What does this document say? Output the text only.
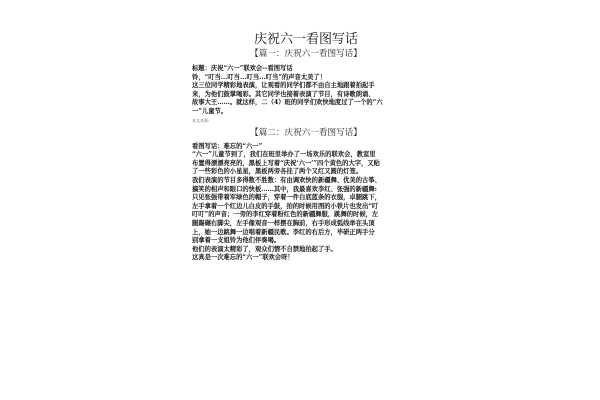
庆祝六一看图写话
【篇一：庆祝六一看图写话】

标题：庆祝“六一”联欢会--看图写话

铃，“叮当...叮当...叮当...叮当”的声音太美了！

这三位同学精彩地表演，让观看的同学们都不由自主地跟着拍起手

来，为他们鼓掌喝彩。其它同学也接着表演了节目，有诗歌朗诵、

故事大王……。就这样，二（4）班的同学们欢快地度过了一个的“六

一”儿童节。

本文来源:
【篇二：庆祝六一看图写话】

看图写话：难忘的“六一”

“六一”儿童节到了，我们在班里举办了一场欢乐的联欢会，教室里

布置得漂漂亮亮的，黑板上写着“庆祝‘六一’”四个黄色的大字，又贴

了一些彩色的小星星，黑板两旁各挂了两个又红又圆的灯笼。

我们表演的节目多得数不胜数：有由调欢快的新疆舞、优美的古筝、

搞笑的相声和眼口的快板……其中，我最喜欢李红、张强的新疆舞:

只见张强带着军绿色的帽子，穿着一件白底蓝条的衣服，卓腿跳下，

左手拿着一个红边儿白皮的手鼓，拍的时候用图的小铁片也发出“叮

叮叮”的声音；一旁的李红穿着粉红色的新疆舞服，跳舞的时候，左

腿踢碾右脚尖，左手像观音一样摆在胸前，右手形成弧线举在头顶

上，她一边跳舞一边唱着新疆民歌。李红的右后方，毕研正两手分

别拿着一支姐铃为他们伴奏喝。

他们的表演太精彩了，观众们情不自禁地拍起了手。

这真是一次难忘的“六一”联欢会呀！
